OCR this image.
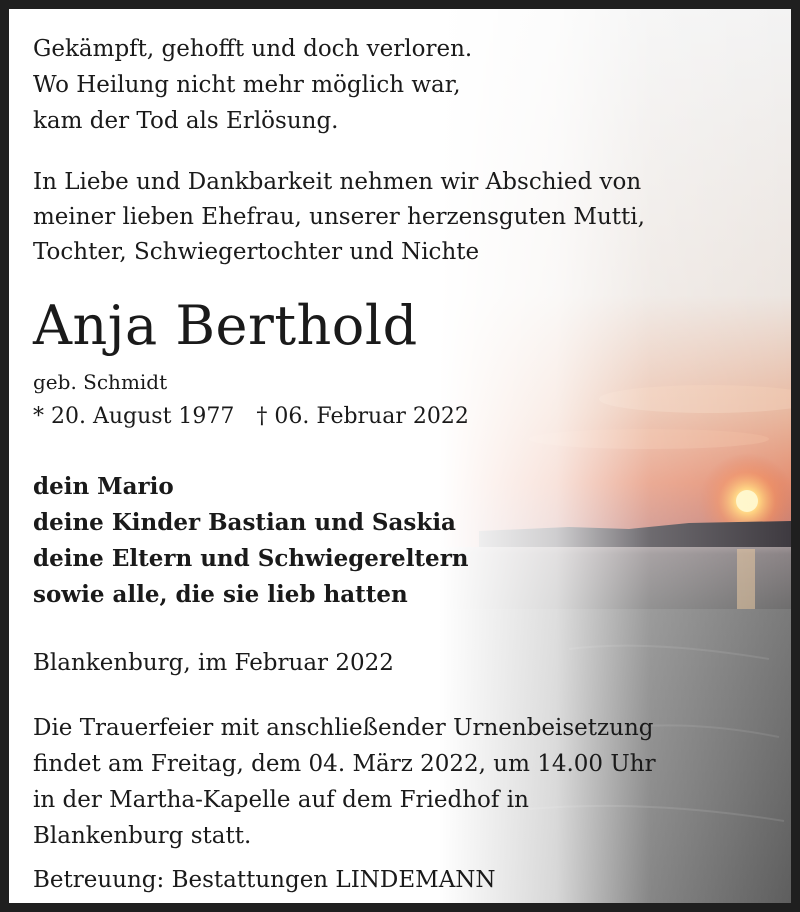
Gekämpft, gehofft und doch verloren.
Wo Heilung nicht mehr möglich war,
kam der Tod als Erlösung.

In Liebe und Dankbarkeit nehmen wir Abschied von
meiner lieben Ehefrau, unserer herzensguten Mutti,
Tochter, Schwiegertochter und Nichte

Anja Berthold

geb. Schmidt

* 20. August 1977 † 06. Februar 2022

dein Mario
deine Kinder Bastian und Saskia
deine Eltern und Schwiegereltern
sowie alle, die sie lieb hatten

Blankenburg, im Februar 2022

Die Trauerfeier mit anschließender Urnenbeisetzung
findet am Freitag, dem 04. März 2022, um 14.00 Uhr
in der Martha-Kapelle auf dem Friedhof in
Blankenburg statt.

Betreuung: Bestattungen LINDEMANN
